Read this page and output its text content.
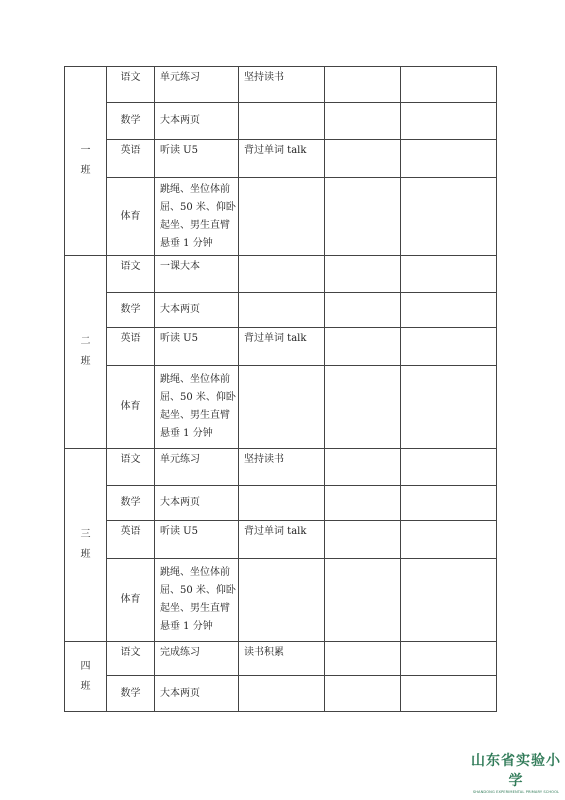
一
班	语文	单元练习	坚持读书		

	数学	大本两页			

	英语	听读 U5	背过单词 talk		

	体育	跳绳、坐位体前
屈、50 米、仰卧
起坐、男生直臂
悬垂 1 分钟			

二
班	语文	一课大本			

	数学	大本两页			

	英语	听读 U5	背过单词 talk		

	体育	跳绳、坐位体前
屈、50 米、仰卧
起坐、男生直臂
悬垂 1 分钟			

三
班	语文	单元练习	坚持读书		

	数学	大本两页			

	英语	听读 U5	背过单词 talk		

	体育	跳绳、坐位体前
屈、50 米、仰卧
起坐、男生直臂
悬垂 1 分钟			

四
班	语文	完成练习	读书积累		

	数学	大本两页			

山东省实验小学
SHANDONG EXPERIMENTAL PRIMARY SCHOOL
